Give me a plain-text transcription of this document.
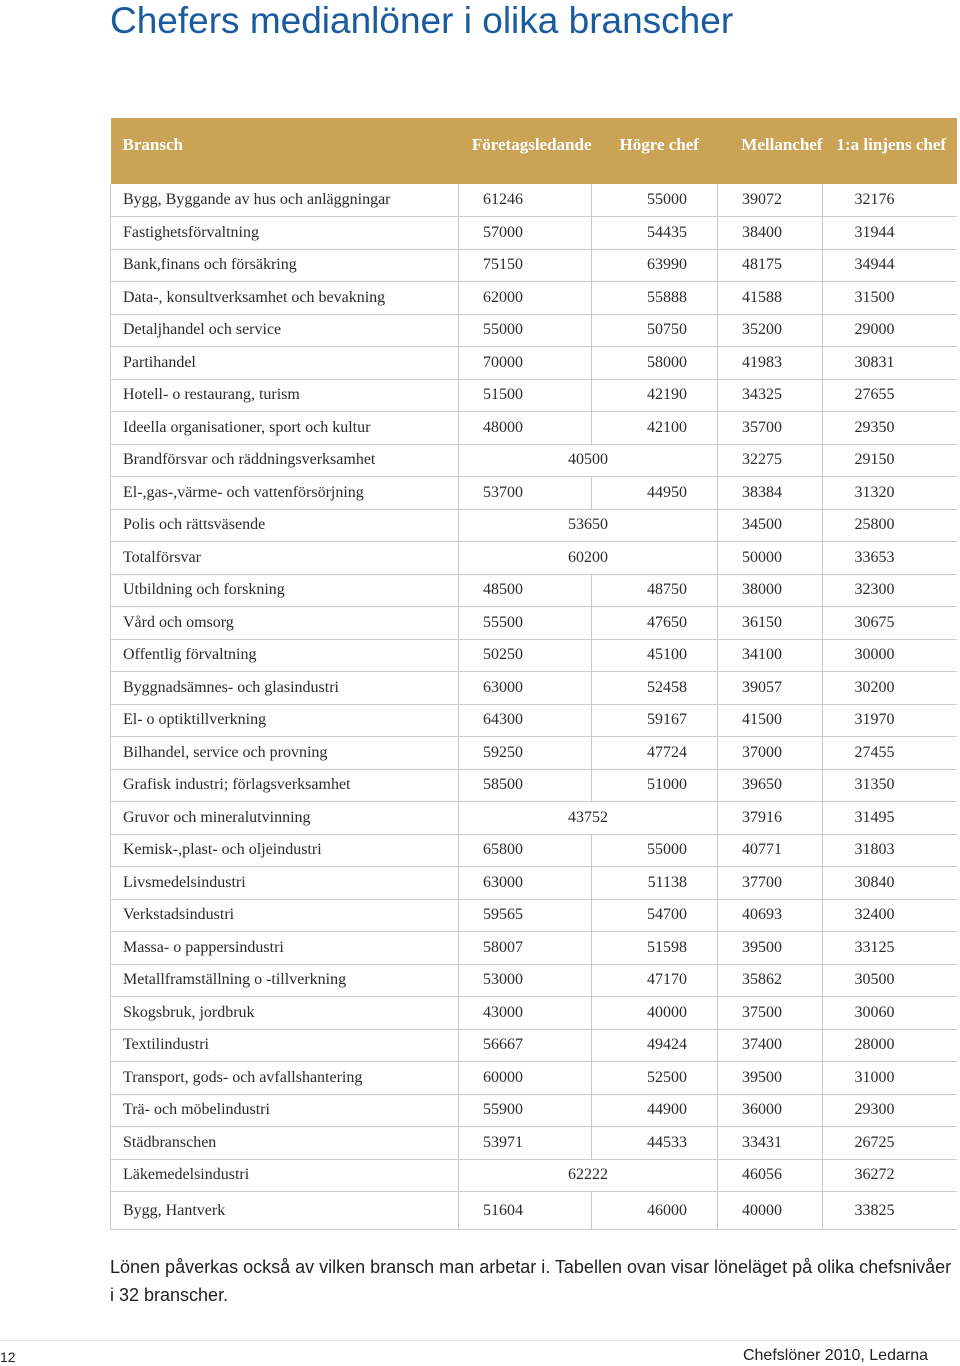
Chefers medianlöner i olika branscher
Bransch	Företagsledande	Högre chef	Mellanchef	1:a linjens chef
Bygg, Byggande av hus och anläggningar	61246	55000	39072	32176
Fastighetsförvaltning	57000	54435	38400	31944
Bank,finans och försäkring	75150	63990	48175	34944
Data-, konsultverksamhet och bevakning	62000	55888	41588	31500
Detaljhandel och service	55000	50750	35200	29000
Partihandel	70000	58000	41983	30831
Hotell- o restaurang, turism	51500	42190	34325	27655
Ideella organisationer, sport och kultur	48000	42100	35700	29350
Brandförsvar och räddningsverksamhet	40500		32275	29150
El-,gas-,värme- och vattenförsörjning	53700	44950	38384	31320
Polis och rättsväsende	53650		34500	25800
Totalförsvar	60200		50000	33653
Utbildning och forskning	48500	48750	38000	32300
Vård och omsorg	55500	47650	36150	30675
Offentlig förvaltning	50250	45100	34100	30000
Byggnadsämnes- och glasindustri	63000	52458	39057	30200
El- o optiktillverkning	64300	59167	41500	31970
Bilhandel, service och provning	59250	47724	37000	27455
Grafisk industri; förlagsverksamhet	58500	51000	39650	31350
Gruvor och mineralutvinning	43752		37916	31495
Kemisk-,plast- och oljeindustri	65800	55000	40771	31803
Livsmedelsindustri	63000	51138	37700	30840
Verkstadsindustri	59565	54700	40693	32400
Massa- o pappersindustri	58007	51598	39500	33125
Metallframställning o -tillverkning	53000	47170	35862	30500
Skogsbruk, jordbruk	43000	40000	37500	30060
Textilindustri	56667	49424	37400	28000
Transport, gods- och avfallshantering	60000	52500	39500	31000
Trä- och möbelindustri	55900	44900	36000	29300
Städbranschen	53971	44533	33431	26725
Läkemedelsindustri	62222		46056	36272
Bygg, Hantverk	51604	46000	40000	33825
Lönen påverkas också av vilken bransch man arbetar i. Tabellen ovan visar löneläget på olika chefsnivåer i 32 branscher.
12	Chefslöner 2010, Ledarna
